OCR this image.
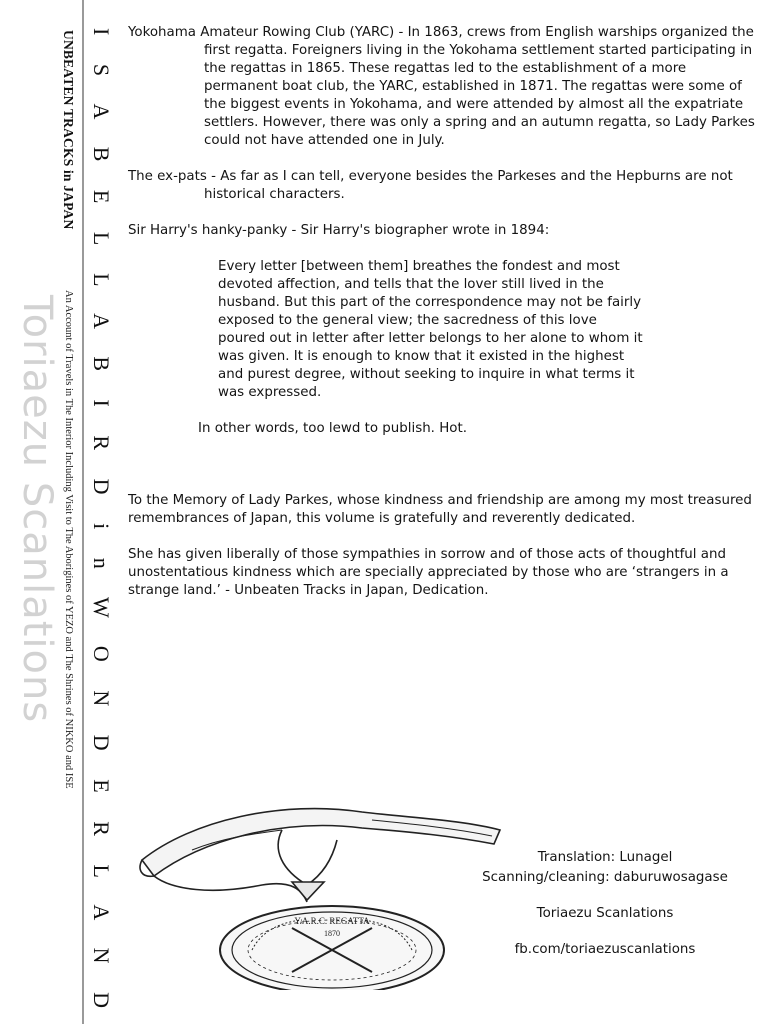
UNBEATEN TRACKS in JAPAN
An Account of Travels in The Interior Including Visit to The Aborigines of YEZO and The Shrines of NIKKO and ISE I S A B E L L A B I R D i n W O N D E R L A N D
Toriaezu Scanlations

Yokohama Amateur Rowing Club (YARC) - In 1863, crews from English warships organized the first regatta. Foreigners living in the Yokohama settlement started participating in the regattas in 1865. These regattas led to the establishment of a more permanent boat club, the YARC, established in 1871. The regattas were some of the biggest events in Yokohama, and were attended by almost all the expatriate settlers. However, there was only a spring and an autumn regatta, so Lady Parkes could not have attended one in July.

The ex-pats - As far as I can tell, everyone besides the Parkeses and the Hepburns are not historical characters.

Sir Harry's hanky-panky - Sir Harry's biographer wrote in 1894:

Every letter [between them] breathes the fondest and most devoted affection, and tells that the lover still lived in the husband. But this part of the correspondence may not be fairly exposed to the general view; the sacredness of this love poured out in letter after letter belongs to her alone to whom it was given. It is enough to know that it existed in the highest and purest degree, without seeking to inquire in what terms it was expressed.

In other words, too lewd to publish. Hot.

To the Memory of Lady Parkes, whose kindness and friendship are among my most treasured remembrances of Japan, this volume is gratefully and reverently dedicated.

She has given liberally of those sympathies in sorrow and of those acts of thoughtful and unostentatious kindness which are specially appreciated by those who are ‘strangers in a strange land.’ - Unbeaten Tracks in Japan, Dedication.

Y.A.R.C. REGATTA
1870
Translation: Lunagel
Scanning/cleaning: daburuwosagase
Toriaezu Scanlations
fb.com/toriaezuscanlations
